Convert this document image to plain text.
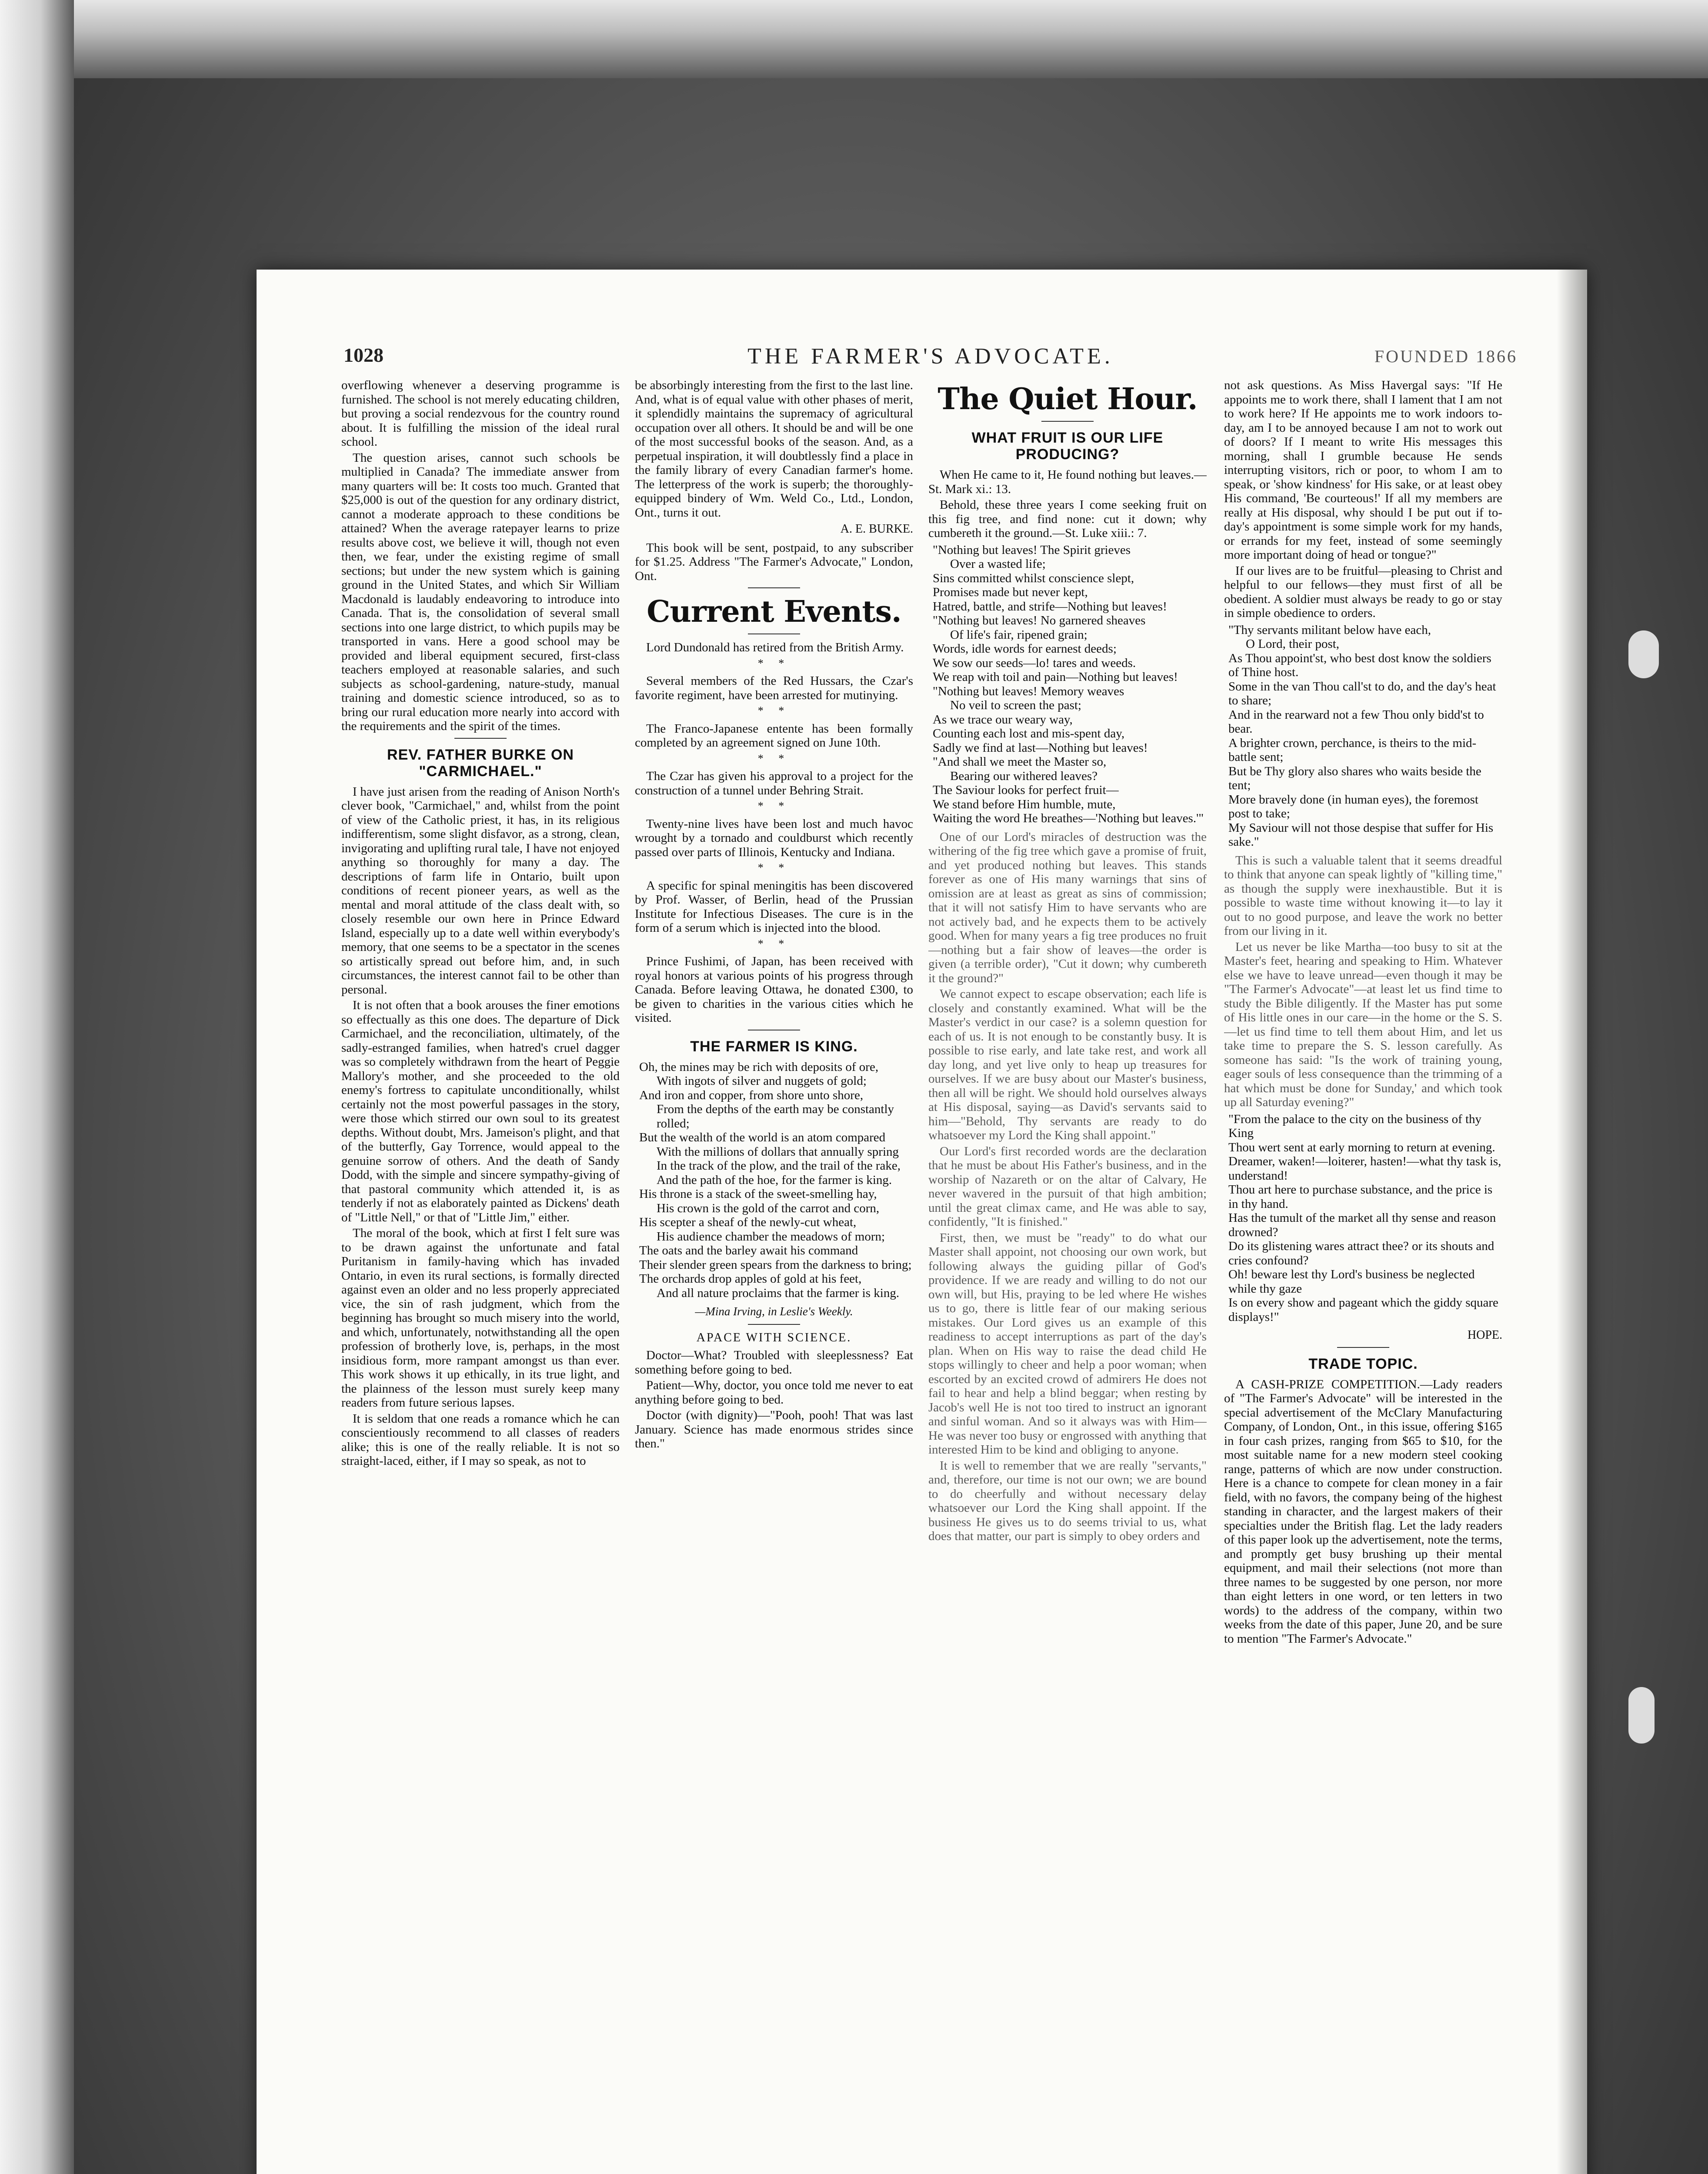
1028	THE FARMER'S ADVOCATE.	FOUNDED 1866

overflowing whenever a deserving programme is furnished. The school is not merely educating children, but proving a social rendezvous for the country round about. It is fulfilling the mission of the ideal rural school.

The question arises, cannot such schools be multiplied in Canada? The immediate answer from many quarters will be: It costs too much. Granted that $25,000 is out of the question for any ordinary district, cannot a moderate approach to these conditions be attained? When the average ratepayer learns to prize results above cost, we believe it will, though not even then, we fear, under the existing regime of small sections; but under the new system which is gaining ground in the United States, and which Sir William Macdonald is laudably endeavoring to introduce into Canada. That is, the consolidation of several small sections into one large district, to which pupils may be transported in vans. Here a good school may be provided and liberal equipment secured, first-class teachers employed at reasonable salaries, and such subjects as school-gardening, nature-study, manual training and domestic science introduced, so as to bring our rural education more nearly into accord with the requirements and the spirit of the times.

REV. FATHER BURKE ON "CARMICHAEL."

I have just arisen from the reading of Anison North's clever book, "Carmichael," and, whilst from the point of view of the Catholic priest, it has, in its religious indifferentism, some slight disfavor, as a strong, clean, invigorating and uplifting rural tale, I have not enjoyed anything so thoroughly for many a day. The descriptions of farm life in Ontario, built upon conditions of recent pioneer years, as well as the mental and moral attitude of the class dealt with, so closely resemble our own here in Prince Edward Island, especially up to a date well within everybody's memory, that one seems to be a spectator in the scenes so artistically spread out before him, and, in such circumstances, the interest cannot fail to be other than personal.

It is not often that a book arouses the finer emotions so effectually as this one does. The departure of Dick Carmichael, and the reconciliation, ultimately, of the sadly-estranged families, when hatred's cruel dagger was so completely withdrawn from the heart of Peggie Mallory's mother, and she proceeded to the old enemy's fortress to capitulate unconditionally, whilst certainly not the most powerful passages in the story, were those which stirred our own soul to its greatest depths. Without doubt, Mrs. Jameison's plight, and that of the butterfly, Gay Torrence, would appeal to the genuine sorrow of others. And the death of Sandy Dodd, with the simple and sincere sympathy-giving of that pastoral community which attended it, is as tenderly if not as elaborately painted as Dickens' death of "Little Nell," or that of "Little Jim," either.

The moral of the book, which at first I felt sure was to be drawn against the unfortunate and fatal Puritanism in family-having which has invaded Ontario, in even its rural sections, is formally directed against even an older and no less properly appreciated vice, the sin of rash judgment, which from the beginning has brought so much misery into the world, and which, unfortunately, notwithstanding all the open profession of brotherly love, is, perhaps, in the most insidious form, more rampant amongst us than ever. This work shows it up ethically, in its true light, and the plainness of the lesson must surely keep many readers from future serious lapses.

It is seldom that one reads a romance which he can conscientiously recommend to all classes of readers alike; this is one of the really reliable. It is not so straight-laced, either, if I may so speak, as not to

be absorbingly interesting from the first to the last line. And, what is of equal value with other phases of merit, it splendidly maintains the supremacy of agricultural occupation over all others. It should be and will be one of the most successful books of the season. And, as a perpetual inspiration, it will doubtlessly find a place in the family library of every Canadian farmer's home. The letterpress of the work is superb; the thoroughly-equipped bindery of Wm. Weld Co., Ltd., London, Ont., turns it out.

A. E. BURKE.

This book will be sent, postpaid, to any subscriber for $1.25. Address "The Farmer's Advocate," London, Ont.

Current Events.

Lord Dundonald has retired from the British Army.

* *

Several members of the Red Hussars, the Czar's favorite regiment, have been arrested for mutinying.

* *

The Franco-Japanese entente has been formally completed by an agreement signed on June 10th.

* *

The Czar has given his approval to a project for the construction of a tunnel under Behring Strait.

* *

Twenty-nine lives have been lost and much havoc wrought by a tornado and couldburst which recently passed over parts of Illinois, Kentucky and Indiana.

* *

A specific for spinal meningitis has been discovered by Prof. Wasser, of Berlin, head of the Prussian Institute for Infectious Diseases. The cure is in the form of a serum which is injected into the blood.

* *

Prince Fushimi, of Japan, has been received with royal honors at various points of his progress through Canada. Before leaving Ottawa, he donated £300, to be given to charities in the various cities which he visited.

THE FARMER IS KING.
Oh, the mines may be rich with deposits of ore,
With ingots of silver and nuggets of gold;
And iron and copper, from shore unto shore,
From the depths of the earth may be constantly rolled;
But the wealth of the world is an atom compared
With the millions of dollars that annually spring
In the track of the plow, and the trail of the rake,
And the path of the hoe, for the farmer is king.
His throne is a stack of the sweet-smelling hay,
His crown is the gold of the carrot and corn,
His scepter a sheaf of the newly-cut wheat,
His audience chamber the meadows of morn;
The oats and the barley await his command
Their slender green spears from the darkness to bring;
The orchards drop apples of gold at his feet,
And all nature proclaims that the farmer is king.
—Mina Irving, in Leslie's Weekly.
APACE WITH SCIENCE.

Doctor—What? Troubled with sleeplessness? Eat something before going to bed.

Patient—Why, doctor, you once told me never to eat anything before going to bed.

Doctor (with dignity)—"Pooh, pooh! That was last January. Science has made enormous strides since then."

The Quiet Hour.
WHAT FRUIT IS OUR LIFE PRODUCING?

When He came to it, He found nothing but leaves.—St. Mark xi.: 13.

Behold, these three years I come seeking fruit on this fig tree, and find none: cut it down; why cumbereth it the ground.—St. Luke xiii.: 7.

"Nothing but leaves! The Spirit grieves
Over a wasted life;
Sins committed whilst conscience slept,
Promises made but never kept,
Hatred, battle, and strife—Nothing but leaves!
"Nothing but leaves! No garnered sheaves
Of life's fair, ripened grain;
Words, idle words for earnest deeds;
We sow our seeds—lo! tares and weeds.
We reap with toil and pain—Nothing but leaves!
"Nothing but leaves! Memory weaves
No veil to screen the past;
As we trace our weary way,
Counting each lost and mis-spent day,
Sadly we find at last—Nothing but leaves!
"And shall we meet the Master so,
Bearing our withered leaves?
The Saviour looks for perfect fruit—
We stand before Him humble, mute,
Waiting the word He breathes—'Nothing but leaves.'"

One of our Lord's miracles of destruction was the withering of the fig tree which gave a promise of fruit, and yet produced nothing but leaves. This stands forever as one of His many warnings that sins of omission are at least as great as sins of commission; that it will not satisfy Him to have servants who are not actively bad, and he expects them to be actively good. When for many years a fig tree produces no fruit—nothing but a fair show of leaves—the order is given (a terrible order), "Cut it down; why cumbereth it the ground?"

We cannot expect to escape observation; each life is closely and constantly examined. What will be the Master's verdict in our case? is a solemn question for each of us. It is not enough to be constantly busy. It is possible to rise early, and late take rest, and work all day long, and yet live only to heap up treasures for ourselves. If we are busy about our Master's business, then all will be right. We should hold ourselves always at His disposal, saying—as David's servants said to him—"Behold, Thy servants are ready to do whatsoever my Lord the King shall appoint."

Our Lord's first recorded words are the declaration that he must be about His Father's business, and in the worship of Nazareth or on the altar of Calvary, He never wavered in the pursuit of that high ambition; until the great climax came, and He was able to say, confidently, "It is finished."

First, then, we must be "ready" to do what our Master shall appoint, not choosing our own work, but following always the guiding pillar of God's providence. If we are ready and willing to do not our own will, but His, praying to be led where He wishes us to go, there is little fear of our making serious mistakes. Our Lord gives us an example of this readiness to accept interruptions as part of the day's plan. When on His way to raise the dead child He stops willingly to cheer and help a poor woman; when escorted by an excited crowd of admirers He does not fail to hear and help a blind beggar; when resting by Jacob's well He is not too tired to instruct an ignorant and sinful woman. And so it always was with Him—He was never too busy or engrossed with anything that interested Him to be kind and obliging to anyone.

It is well to remember that we are really "servants," and, therefore, our time is not our own; we are bound to do cheerfully and without necessary delay whatsoever our Lord the King shall appoint. If the business He gives us to do seems trivial to us, what does that matter, our part is simply to obey orders and

not ask questions. As Miss Havergal says: "If He appoints me to work there, shall I lament that I am not to work here? If He appoints me to work indoors to-day, am I to be annoyed because I am not to work out of doors? If I meant to write His messages this morning, shall I grumble because He sends interrupting visitors, rich or poor, to whom I am to speak, or 'show kindness' for His sake, or at least obey His command, 'Be courteous!' If all my members are really at His disposal, why should I be put out if to-day's appointment is some simple work for my hands, or errands for my feet, instead of some seemingly more important doing of head or tongue?"

If our lives are to be fruitful—pleasing to Christ and helpful to our fellows—they must first of all be obedient. A soldier must always be ready to go or stay in simple obedience to orders.

"Thy servants militant below have each,
O Lord, their post,
As Thou appoint'st, who best dost know the soldiers of Thine host.
Some in the van Thou call'st to do, and the day's heat to share;
And in the rearward not a few Thou only bidd'st to bear.
A brighter crown, perchance, is theirs to the mid-battle sent;
But be Thy glory also shares who waits beside the tent;
More bravely done (in human eyes), the foremost post to take;
My Saviour will not those despise that suffer for His sake."

This is such a valuable talent that it seems dreadful to think that anyone can speak lightly of "killing time," as though the supply were inexhaustible. But it is possible to waste time without knowing it—to lay it out to no good purpose, and leave the work no better from our living in it.

Let us never be like Martha—too busy to sit at the Master's feet, hearing and speaking to Him. Whatever else we have to leave unread—even though it may be "The Farmer's Advocate"—at least let us find time to study the Bible diligently. If the Master has put some of His little ones in our care—in the home or the S. S.—let us find time to tell them about Him, and let us take time to prepare the S. S. lesson carefully. As someone has said: "Is the work of training young, eager souls of less consequence than the trimming of a hat which must be done for Sunday,' and which took up all Saturday evening?"

"From the palace to the city on the business of thy King
Thou wert sent at early morning to return at evening.
Dreamer, waken!—loiterer, hasten!—what thy task is, understand!
Thou art here to purchase substance, and the price is in thy hand.
Has the tumult of the market all thy sense and reason drowned?
Do its glistening wares attract thee? or its shouts and cries confound?
Oh! beware lest thy Lord's business be neglected while thy gaze
Is on every show and pageant which the giddy square displays!"
HOPE.
TRADE TOPIC.

A CASH-PRIZE COMPETITION.—Lady readers of "The Farmer's Advocate" will be interested in the special advertisement of the McClary Manufacturing Company, of London, Ont., in this issue, offering $165 in four cash prizes, ranging from $65 to $10, for the most suitable name for a new modern steel cooking range, patterns of which are now under construction. Here is a chance to compete for clean money in a fair field, with no favors, the company being of the highest standing in character, and the largest makers of their specialties under the British flag. Let the lady readers of this paper look up the advertisement, note the terms, and promptly get busy brushing up their mental equipment, and mail their selections (not more than three names to be suggested by one person, nor more than eight letters in one word, or ten letters in two words) to the address of the company, within two weeks from the date of this paper, June 20, and be sure to mention "The Farmer's Advocate."
